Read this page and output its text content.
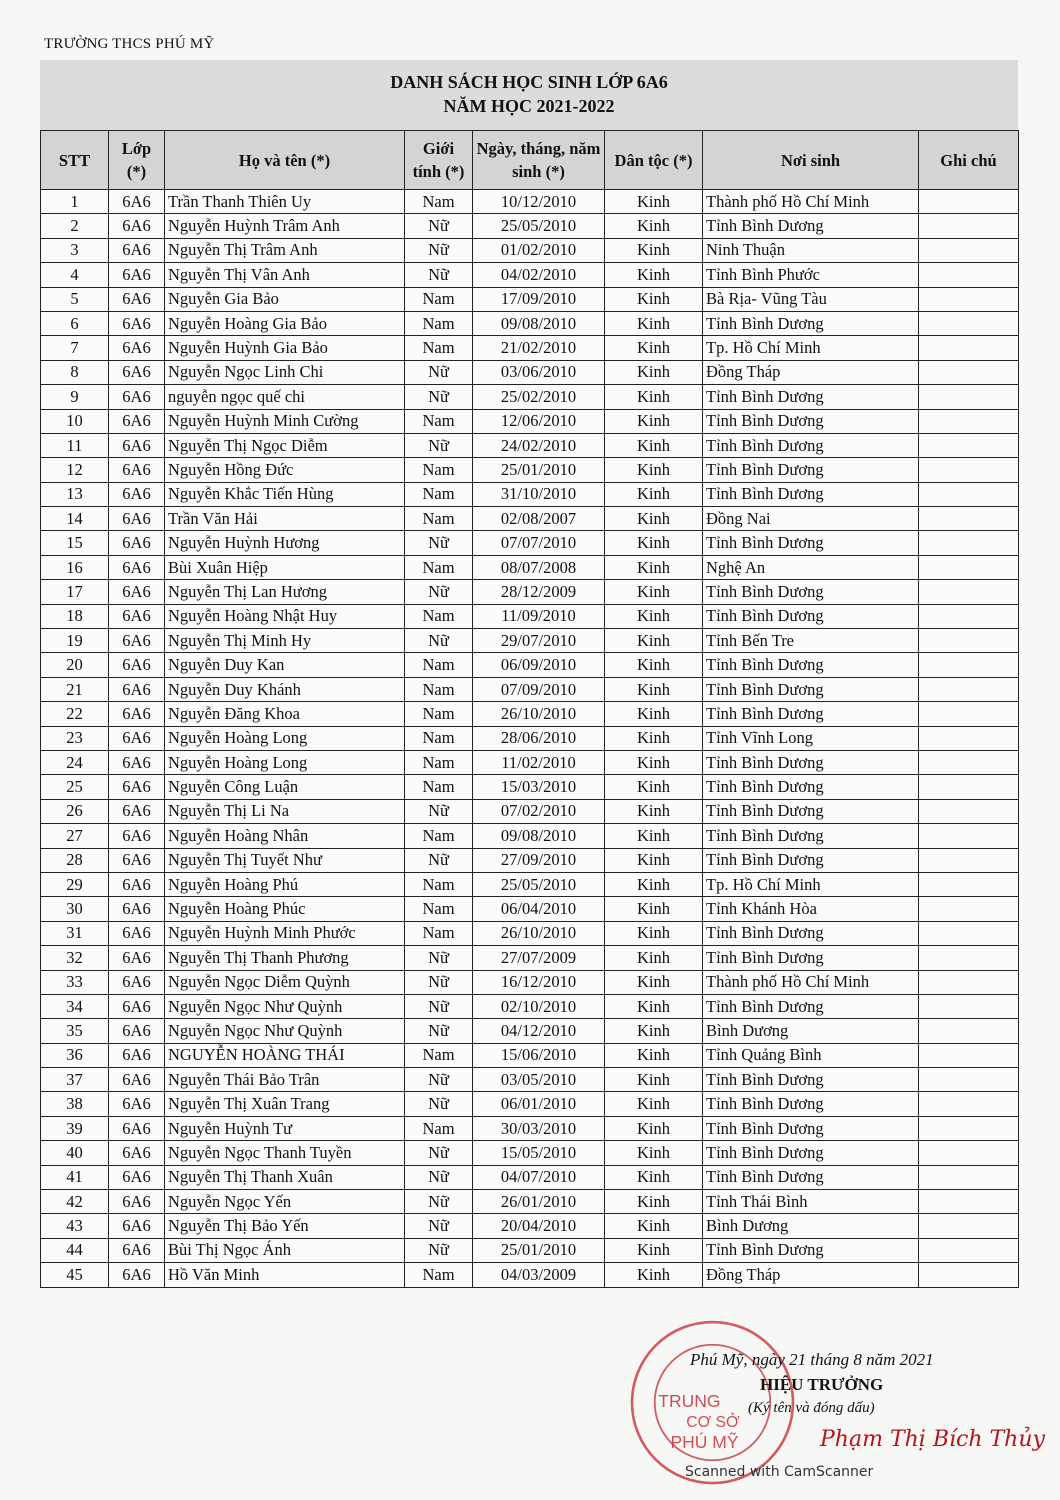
TRƯỜNG THCS PHÚ MỸ
DANH SÁCH HỌC SINH LỚP 6A6
NĂM HỌC 2021-2022
STT	Lớp (*)	Họ và tên (*)	Giới tính (*)	Ngày, tháng, năm sinh (*)	Dân tộc (*)	Nơi sinh	Ghi chú
1	6A6	Trần Thanh Thiên Uy	Nam	10/12/2010	Kinh	Thành phố Hồ Chí Minh	
2	6A6	Nguyễn Huỳnh Trâm Anh	Nữ	25/05/2010	Kinh	Tỉnh Bình Dương	
3	6A6	Nguyễn Thị Trâm Anh	Nữ	01/02/2010	Kinh	Ninh Thuận	
4	6A6	Nguyễn Thị Vân Anh	Nữ	04/02/2010	Kinh	Tỉnh Bình Phước	
5	6A6	Nguyễn Gia Bảo	Nam	17/09/2010	Kinh	Bà Rịa- Vũng Tàu	
6	6A6	Nguyễn Hoàng Gia Bảo	Nam	09/08/2010	Kinh	Tỉnh Bình Dương	
7	6A6	Nguyễn Huỳnh Gia Bảo	Nam	21/02/2010	Kinh	Tp. Hồ Chí Minh	
8	6A6	Nguyễn Ngọc Linh Chi	Nữ	03/06/2010	Kinh	Đồng Tháp	
9	6A6	nguyễn ngọc quế chi	Nữ	25/02/2010	Kinh	Tỉnh Bình Dương	
10	6A6	Nguyễn Huỳnh Minh Cường	Nam	12/06/2010	Kinh	Tỉnh Bình Dương	
11	6A6	Nguyễn Thị Ngọc Diễm	Nữ	24/02/2010	Kinh	Tỉnh Bình Dương	
12	6A6	Nguyễn Hồng Đức	Nam	25/01/2010	Kinh	Tỉnh Bình Dương	
13	6A6	Nguyễn Khắc Tiến Hùng	Nam	31/10/2010	Kinh	Tỉnh Bình Dương	
14	6A6	Trần Văn Hải	Nam	02/08/2007	Kinh	Đồng Nai	
15	6A6	Nguyễn Huỳnh Hương	Nữ	07/07/2010	Kinh	Tỉnh Bình Dương	
16	6A6	Bùi Xuân Hiệp	Nam	08/07/2008	Kinh	Nghệ An	
17	6A6	Nguyễn Thị Lan Hương	Nữ	28/12/2009	Kinh	Tỉnh Bình Dương	
18	6A6	Nguyễn Hoàng Nhật Huy	Nam	11/09/2010	Kinh	Tỉnh Bình Dương	
19	6A6	Nguyễn Thị Minh Hy	Nữ	29/07/2010	Kinh	Tỉnh Bến Tre	
20	6A6	Nguyễn Duy Kan	Nam	06/09/2010	Kinh	Tỉnh Bình Dương	
21	6A6	Nguyễn Duy Khánh	Nam	07/09/2010	Kinh	Tỉnh Bình Dương	
22	6A6	Nguyễn Đăng Khoa	Nam	26/10/2010	Kinh	Tỉnh Bình Dương	
23	6A6	Nguyễn Hoàng Long	Nam	28/06/2010	Kinh	Tỉnh Vĩnh Long	
24	6A6	Nguyễn Hoàng Long	Nam	11/02/2010	Kinh	Tỉnh Bình Dương	
25	6A6	Nguyễn Công Luận	Nam	15/03/2010	Kinh	Tỉnh Bình Dương	
26	6A6	Nguyễn Thị Li Na	Nữ	07/02/2010	Kinh	Tỉnh Bình Dương	
27	6A6	Nguyễn Hoàng Nhân	Nam	09/08/2010	Kinh	Tỉnh Bình Dương	
28	6A6	Nguyễn Thị Tuyết Như	Nữ	27/09/2010	Kinh	Tỉnh Bình Dương	
29	6A6	Nguyễn Hoàng Phú	Nam	25/05/2010	Kinh	Tp. Hồ Chí Minh	
30	6A6	Nguyễn Hoàng Phúc	Nam	06/04/2010	Kinh	Tỉnh Khánh Hòa	
31	6A6	Nguyễn Huỳnh Minh Phước	Nam	26/10/2010	Kinh	Tỉnh Bình Dương	
32	6A6	Nguyễn Thị Thanh Phương	Nữ	27/07/2009	Kinh	Tỉnh Bình Dương	
33	6A6	Nguyễn Ngọc Diễm Quỳnh	Nữ	16/12/2010	Kinh	Thành phố Hồ Chí Minh	
34	6A6	Nguyễn Ngọc Như Quỳnh	Nữ	02/10/2010	Kinh	Tỉnh Bình Dương	
35	6A6	Nguyễn Ngọc Như Quỳnh	Nữ	04/12/2010	Kinh	Bình Dương	
36	6A6	NGUYỄN HOÀNG THÁI	Nam	15/06/2010	Kinh	Tỉnh Quảng Bình	
37	6A6	Nguyễn Thái Bảo Trân	Nữ	03/05/2010	Kinh	Tỉnh Bình Dương	
38	6A6	Nguyễn Thị Xuân Trang	Nữ	06/01/2010	Kinh	Tỉnh Bình Dương	
39	6A6	Nguyễn Huỳnh Tư	Nam	30/03/2010	Kinh	Tỉnh Bình Dương	
40	6A6	Nguyễn Ngọc Thanh Tuyền	Nữ	15/05/2010	Kinh	Tỉnh Bình Dương	
41	6A6	Nguyễn Thị Thanh Xuân	Nữ	04/07/2010	Kinh	Tỉnh Bình Dương	
42	6A6	Nguyễn Ngọc Yến	Nữ	26/01/2010	Kinh	Tỉnh Thái Bình	
43	6A6	Nguyễn Thị Bảo Yến	Nữ	20/04/2010	Kinh	Bình Dương	
44	6A6	Bùi Thị Ngọc Ánh	Nữ	25/01/2010	Kinh	Tỉnh Bình Dương	
45	6A6	Hồ Văn Minh	Nam	04/03/2009	Kinh	Đồng Tháp	
TRUNG
CƠ SỞ
PHÚ MỸ
Phú Mỹ, ngày 21 tháng 8 năm 2021
HIỆU TRƯỞNG
(Ký tên và đóng dấu)
Phạm Thị Bích Thủy
Scanned with CamScanner
